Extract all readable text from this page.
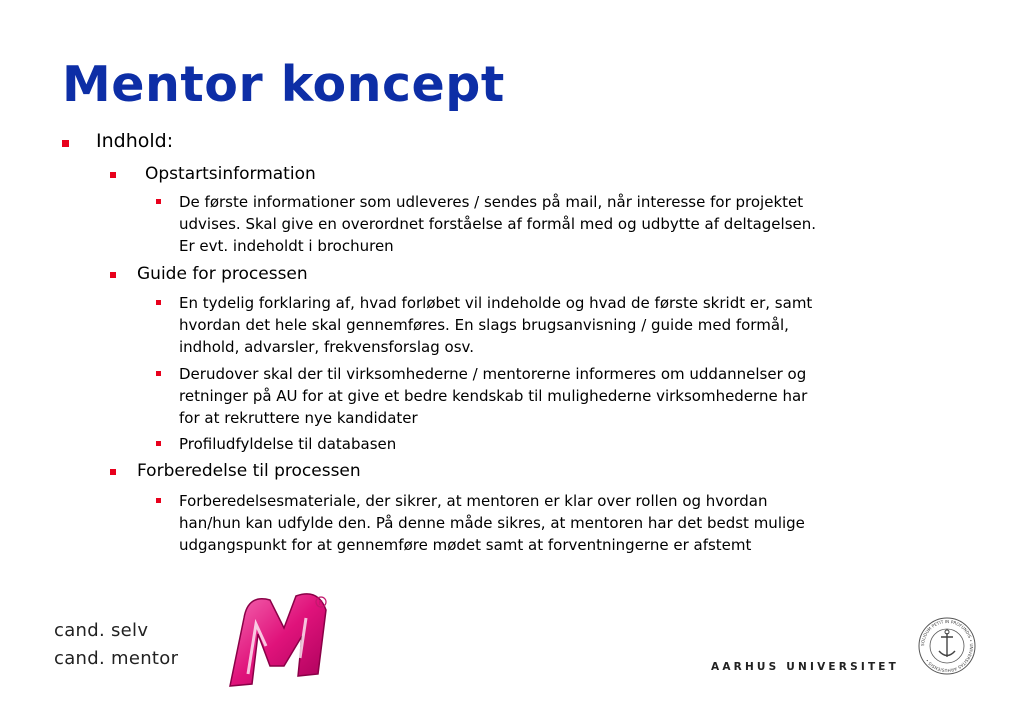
Mentor koncept
Indhold:
Opstartsinformation
De første informationer som udleveres / sendes på mail, når interesse for projektet
udvises. Skal give en overordnet forståelse af formål med og udbytte af deltagelsen.
Er evt. indeholdt i brochuren
Guide for processen
En tydelig forklaring af, hvad forløbet vil indeholde og hvad de første skridt er, samt
hvordan det hele skal gennemføres. En slags brugsanvisning / guide med formål,
indhold, advarsler, frekvensforslag osv.
Derudover skal der til virksomhederne / mentorerne informeres om uddannelser og
retninger på AU for at give et bedre kendskab til mulighederne virksomhederne har
for at rekruttere nye kandidater
Profiludfyldelse til databasen
Forberedelse til processen
Forberedelsesmateriale, der sikrer, at mentoren er klar over rollen og hvordan
han/hun kan udfylde den. På denne måde sikres, at mentoren har det bedst mulige
udgangspunkt for at gennemføre mødet samt at forventningerne er afstemt
cand. selv
cand. mentor
R
AARHUS UNIVERSITET
SOLIDUM PETIT IN PROFUNDIS • UNIVERSITAS ARHUSIENSIS •
